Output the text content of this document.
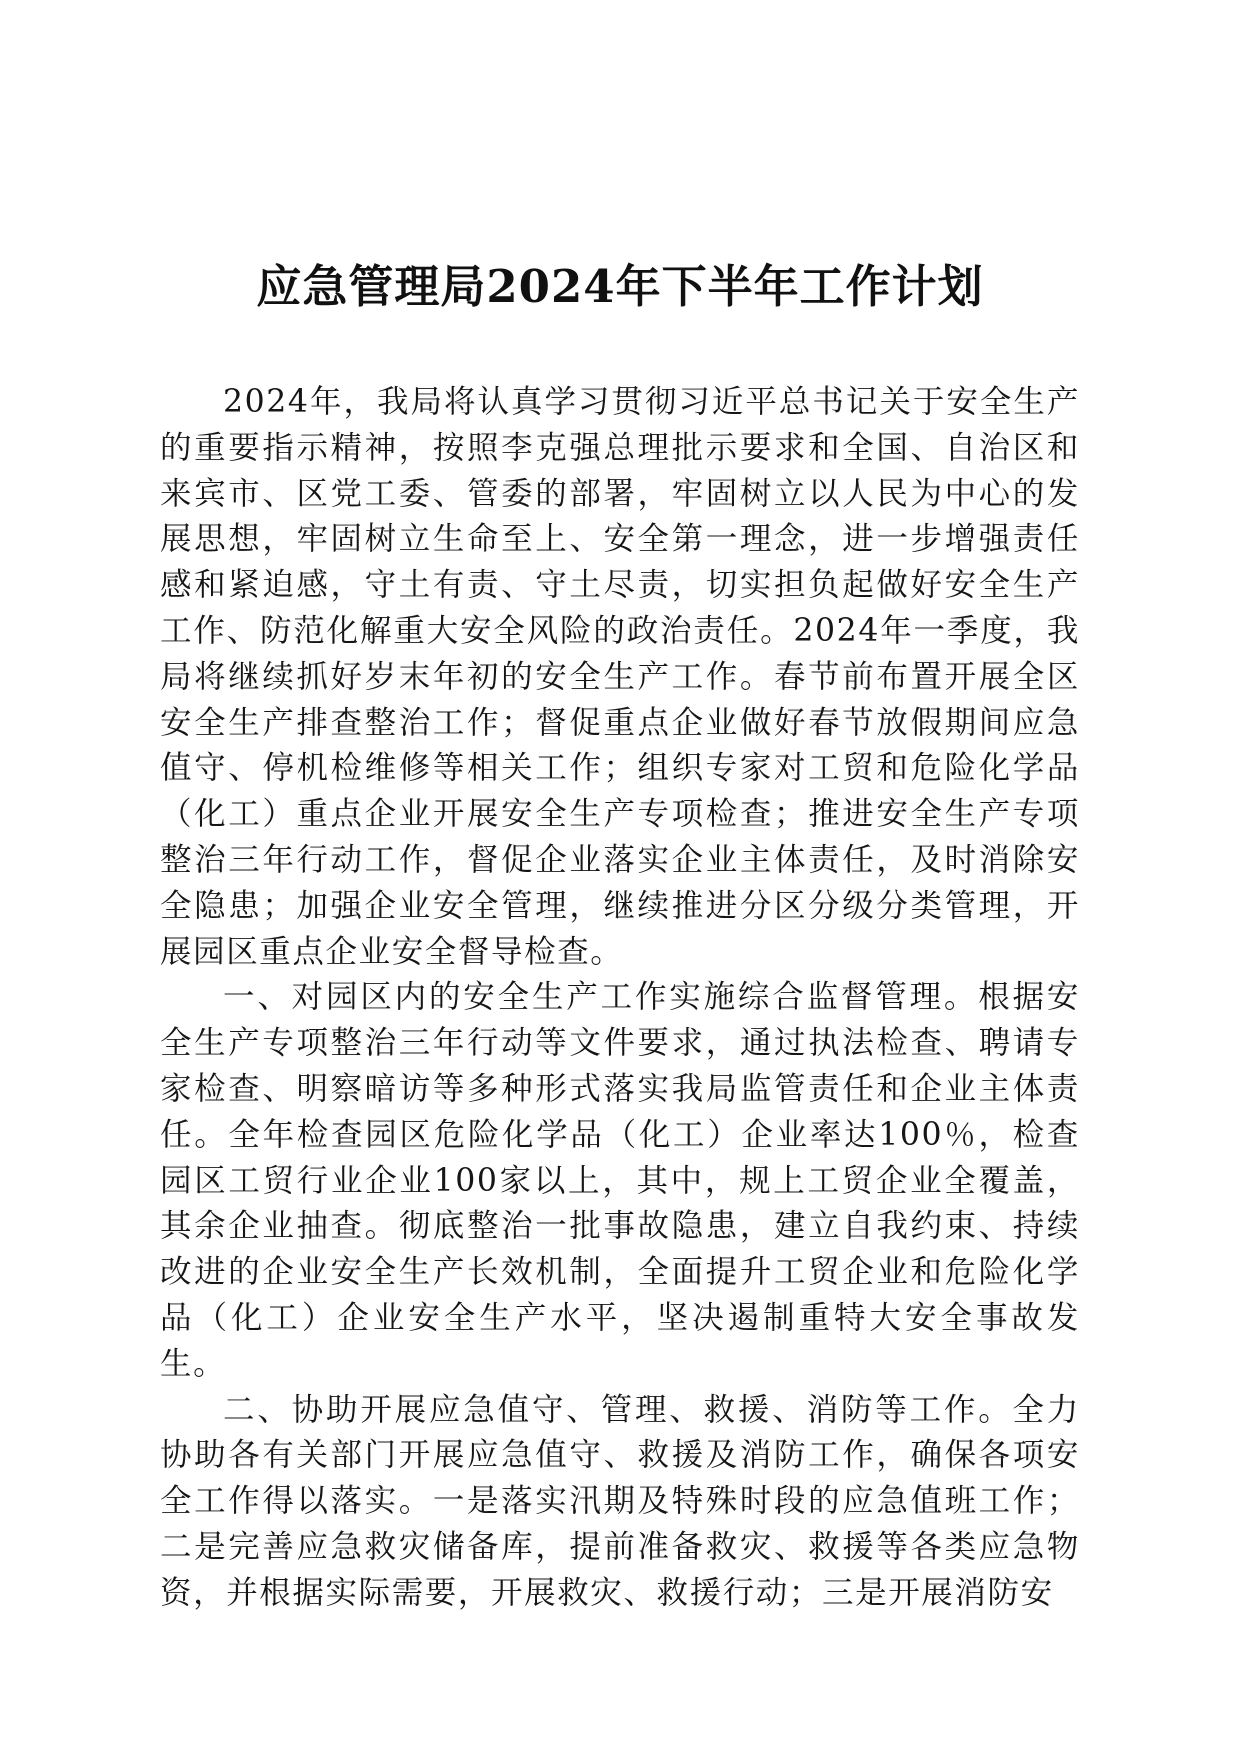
应急管理局2024年下半年工作计划

2024年，我局将认真学习贯彻习近平总书记关于安全生产的重要指示精神，按照李克强总理批示要求和全国、自治区和来宾市、区党工委、管委的部署，牢固树立以人民为中心的发展思想，牢固树立生命至上、安全第一理念，进一步增强责任感和紧迫感，守土有责、守土尽责，切实担负起做好安全生产工作、防范化解重大安全风险的政治责任。2024年一季度，我局将继续抓好岁末年初的安全生产工作。春节前布置开展全区安全生产排查整治工作；督促重点企业做好春节放假期间应急值守、停机检维修等相关工作；组织专家对工贸和危险化学品（化工）重点企业开展安全生产专项检查；推进安全生产专项整治三年行动工作，督促企业落实企业主体责任，及时消除安全隐患；加强企业安全管理，继续推进分区分级分类管理，开展园区重点企业安全督导检查。

一、对园区内的安全生产工作实施综合监督管理。根据安全生产专项整治三年行动等文件要求，通过执法检查、聘请专家检查、明察暗访等多种形式落实我局监管责任和企业主体责任。全年检查园区危险化学品（化工）企业率达100％，检查园区工贸行业企业100家以上，其中，规上工贸企业全覆盖，其余企业抽查。彻底整治一批事故隐患，建立自我约束、持续改进的企业安全生产长效机制，全面提升工贸企业和危险化学品（化工）企业安全生产水平，坚决遏制重特大安全事故发生。

二、协助开展应急值守、管理、救援、消防等工作。全力协助各有关部门开展应急值守、救援及消防工作，确保各项安全工作得以落实。一是落实汛期及特殊时段的应急值班工作；二是完善应急救灾储备库，提前准备救灾、救援等各类应急物资，并根据实际需要，开展救灾、救援行动；三是开展消防安
